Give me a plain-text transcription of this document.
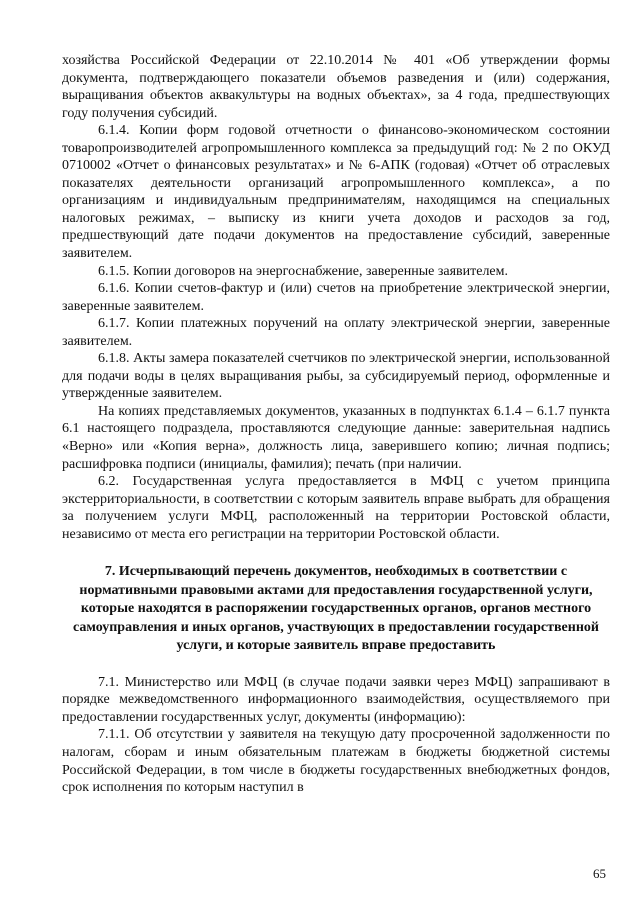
хозяйства Российской Федерации от 22.10.2014 № 401 «Об утверждении формы документа, подтверждающего показатели объемов разведения и (или) содержания, выращивания объектов аквакультуры на водных объектах», за 4 года, предшествующих году получения субсидий.

6.1.4. Копии форм годовой отчетности о финансово-экономическом состоянии товаропроизводителей агропромышленного комплекса за предыдущий год: № 2 по ОКУД 0710002 «Отчет о финансовых результатах» и № 6-АПК (годовая) «Отчет об отраслевых показателях деятельности организаций агропромышленного комплекса», а по организациям и индивидуальным предпринимателям, находящимся на специальных налоговых режимах, – выписку из книги учета доходов и расходов за год, предшествующий дате подачи документов на предоставление субсидий, заверенные заявителем.

6.1.5. Копии договоров на энергоснабжение, заверенные заявителем.

6.1.6. Копии счетов-фактур и (или) счетов на приобретение электрической энергии, заверенные заявителем.

6.1.7. Копии платежных поручений на оплату электрической энергии, заверенные заявителем.

6.1.8. Акты замера показателей счетчиков по электрической энергии, использованной для подачи воды в целях выращивания рыбы, за субсидируемый период, оформленные и утвержденные заявителем.

На копиях представляемых документов, указанных в подпунктах 6.1.4 – 6.1.7 пункта 6.1 настоящего подраздела, проставляются следующие данные: заверительная надпись «Верно» или «Копия верна», должность лица, заверившего копию; личная подпись; расшифровка подписи (инициалы, фамилия); печать (при наличии.

6.2. Государственная услуга предоставляется в МФЦ с учетом принципа экстерриториальности, в соответствии с которым заявитель вправе выбрать для обращения за получением услуги МФЦ, расположенный на территории Ростовской области, независимо от места его регистрации на территории Ростовской области.

7. Исчерпывающий перечень документов, необходимых в соответствии с нормативными правовыми актами для предоставления государственной услуги, которые находятся в распоряжении государственных органов, органов местного самоуправления и иных органов, участвующих в предоставлении государственной услуги, и которые заявитель вправе предоставить

7.1. Министерство или МФЦ (в случае подачи заявки через МФЦ) запрашивают в порядке межведомственного информационного взаимодействия, осуществляемого при предоставлении государственных услуг, документы (информацию):

7.1.1. Об отсутствии у заявителя на текущую дату просроченной задолженности по налогам, сборам и иным обязательным платежам в бюджеты бюджетной системы Российской Федерации, в том числе в бюджеты государственных внебюджетных фондов, срок исполнения по которым наступил в

65
